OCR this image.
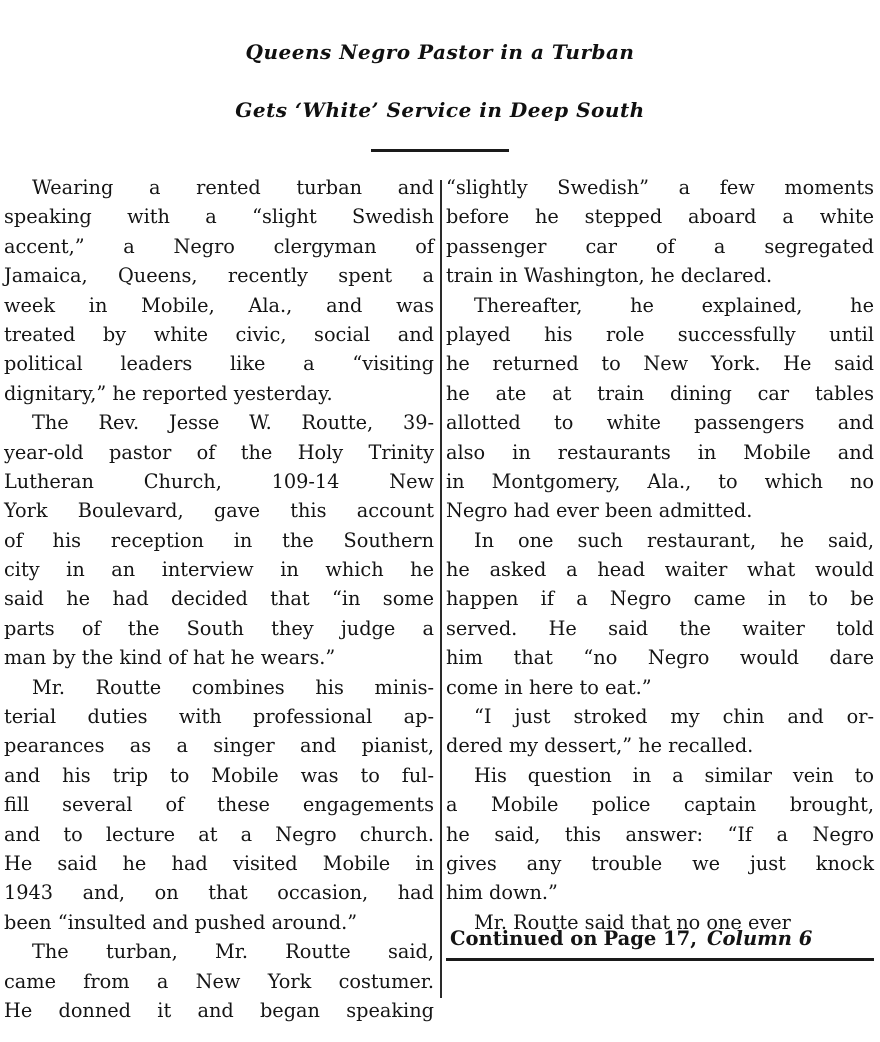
Queens Negro Pastor in a Turban
Gets ‘White’ Service in Deep South
Wearing a rented turban and
speaking with a “slight Swedish
accent,” a Negro clergyman of
Jamaica, Queens, recently spent a
week in Mobile, Ala., and was
treated by white civic, social and
political leaders like a “visiting
dignitary,” he reported yesterday.
The Rev. Jesse W. Routte, 39-
year-old pastor of the Holy Trinity
Lutheran Church, 109-14 New
York Boulevard, gave this account
of his reception in the Southern
city in an interview in which he
said he had decided that “in some
parts of the South they judge a
man by the kind of hat he wears.”
Mr. Routte combines his minis-
terial duties with professional ap-
pearances as a singer and pianist,
and his trip to Mobile was to ful-
fill several of these engagements
and to lecture at a Negro church.
He said he had visited Mobile in
1943 and, on that occasion, had
been “insulted and pushed around.”
The turban, Mr. Routte said,
came from a New York costumer.
He donned it and began speaking
“slightly Swedish” a few moments
before he stepped aboard a white
passenger car of a segregated
train in Washington, he declared.
Thereafter, he explained, he
played his role successfully until
he returned to New York. He said
he ate at train dining car tables
allotted to white passengers and
also in restaurants in Mobile and
in Montgomery, Ala., to which no
Negro had ever been admitted.
In one such restaurant, he said,
he asked a head waiter what would
happen if a Negro came in to be
served. He said the waiter told
him that “no Negro would dare
come in here to eat.”
“I just stroked my chin and or-
dered my dessert,” he recalled.
His question in a similar vein to
a Mobile police captain brought,
he said, this answer: “If a Negro
gives any trouble we just knock
him down.”
Mr. Routte said that no one ever
Continued on Page 17, Column 6
